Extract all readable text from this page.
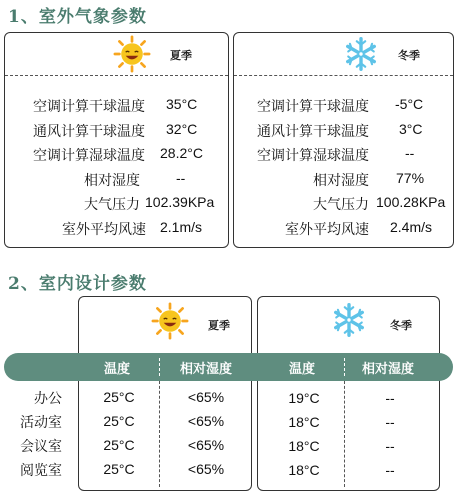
1、室外气象参数
夏季	冬季
空调计算干球温度 35°C
通风计算干球温度 32°C
空调计算湿球温度 28.2°C
相对湿度	--
大气压力 102.39KPa
室外平均风速 2.1m/s
空调计算干球温度 -5°C
通风计算干球温度 3°C
空调计算湿球温度	--
相对湿度 77%
大气压力 100.28KPa
室外平均风速 2.4m/s
2、室内设计参数
夏季	冬季
温度	相对湿度	温度	相对湿度
办公	25°C	<65%	19°C	--
活动室	25°C	<65%	18°C	--
会议室	25°C	<65%	18°C	--
阅览室	25°C	<65%	18°C	--
